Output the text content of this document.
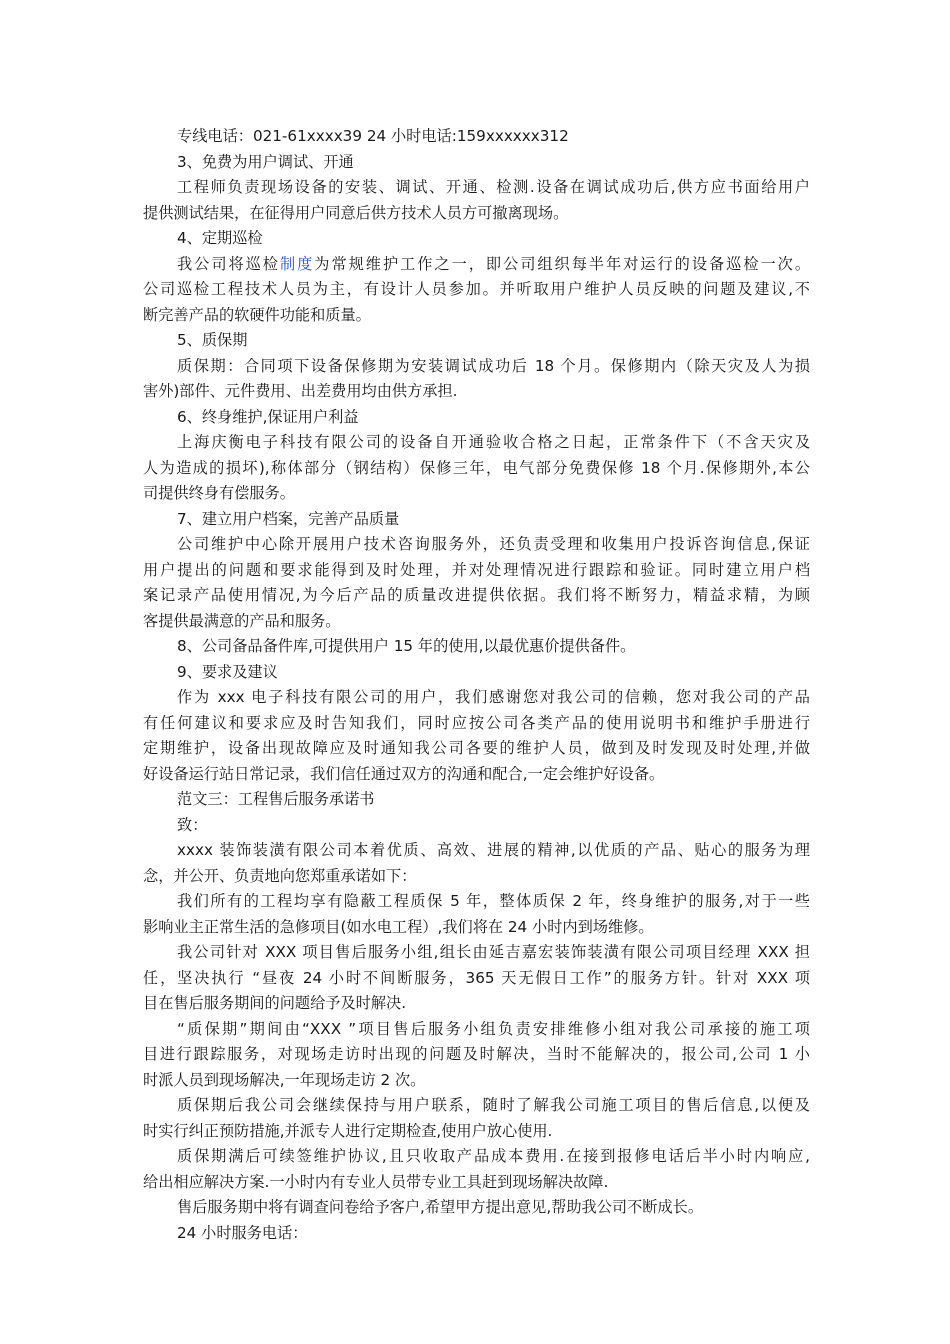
专线电话：021-61xxxx39 24 小时电话:159xxxxxx312
3、免费为用户调试、开通
工程师负责现场设备的安装、调试、开通、检测.设备在调试成功后,供方应书面给用户
提供测试结果，在征得用户同意后供方技术人员方可撤离现场。
4、定期巡检
我公司将巡检制度为常规维护工作之一，即公司组织每半年对运行的设备巡检一次。
公司巡检工程技术人员为主，有设计人员参加。并听取用户维护人员反映的问题及建议,不
断完善产品的软硬件功能和质量。
5、质保期
质保期：合同项下设备保修期为安装调试成功后 18 个月。保修期内（除天灾及人为损
害外)部件、元件费用、出差费用均由供方承担.
6、终身维护,保证用户利益
上海庆衡电子科技有限公司的设备自开通验收合格之日起，正常条件下（不含天灾及
人为造成的损坏),称体部分（钢结构）保修三年，电气部分免费保修 18 个月.保修期外,本公
司提供终身有偿服务。
7、建立用户档案，完善产品质量
公司维护中心除开展用户技术咨询服务外，还负责受理和收集用户投诉咨询信息,保证
用户提出的问题和要求能得到及时处理，并对处理情况进行跟踪和验证。同时建立用户档
案记录产品使用情况,为今后产品的质量改进提供依据。我们将不断努力，精益求精，为顾
客提供最满意的产品和服务。
8、公司备品备件库,可提供用户 15 年的使用,以最优惠价提供备件。
9、要求及建议
作为 xxx 电子科技有限公司的用户，我们感谢您对我公司的信赖，您对我公司的产品
有任何建议和要求应及时告知我们，同时应按公司各类产品的使用说明书和维护手册进行
定期维护，设备出现故障应及时通知我公司各要的维护人员，做到及时发现及时处理,并做
好设备运行站日常记录，我们信任通过双方的沟通和配合,一定会维护好设备。
范文三：工程售后服务承诺书
致：
xxxx 装饰装潢有限公司本着优质、高效、进展的精神,以优质的产品、贴心的服务为理
念，并公开、负责地向您郑重承诺如下：
我们所有的工程均享有隐蔽工程质保 5 年，整体质保 2 年，终身维护的服务,对于一些
影响业主正常生活的急修项目(如水电工程）,我们将在 24 小时内到场维修。
我公司针对 XXX 项目售后服务小组,组长由延吉嘉宏装饰装潢有限公司项目经理 XXX 担
任，坚决执行 “昼夜 24 小时不间断服务，365 天无假日工作”的服务方针。针对 XXX 项
目在售后服务期间的问题给予及时解决.
“质保期”期间由“XXX ”项目售后服务小组负责安排维修小组对我公司承接的施工项
目进行跟踪服务，对现场走访时出现的问题及时解决，当时不能解决的，报公司,公司 1 小
时派人员到现场解决,一年现场走访 2 次。
质保期后我公司会继续保持与用户联系，随时了解我公司施工项目的售后信息,以便及
时实行纠正预防措施,并派专人进行定期检查,使用户放心使用.
质保期满后可续签维护协议,且只收取产品成本费用.在接到报修电话后半小时内响应,
给出相应解决方案.一小时内有专业人员带专业工具赶到现场解决故障.
售后服务期中将有调查问卷给予客户,希望甲方提出意见,帮助我公司不断成长。
24 小时服务电话：
